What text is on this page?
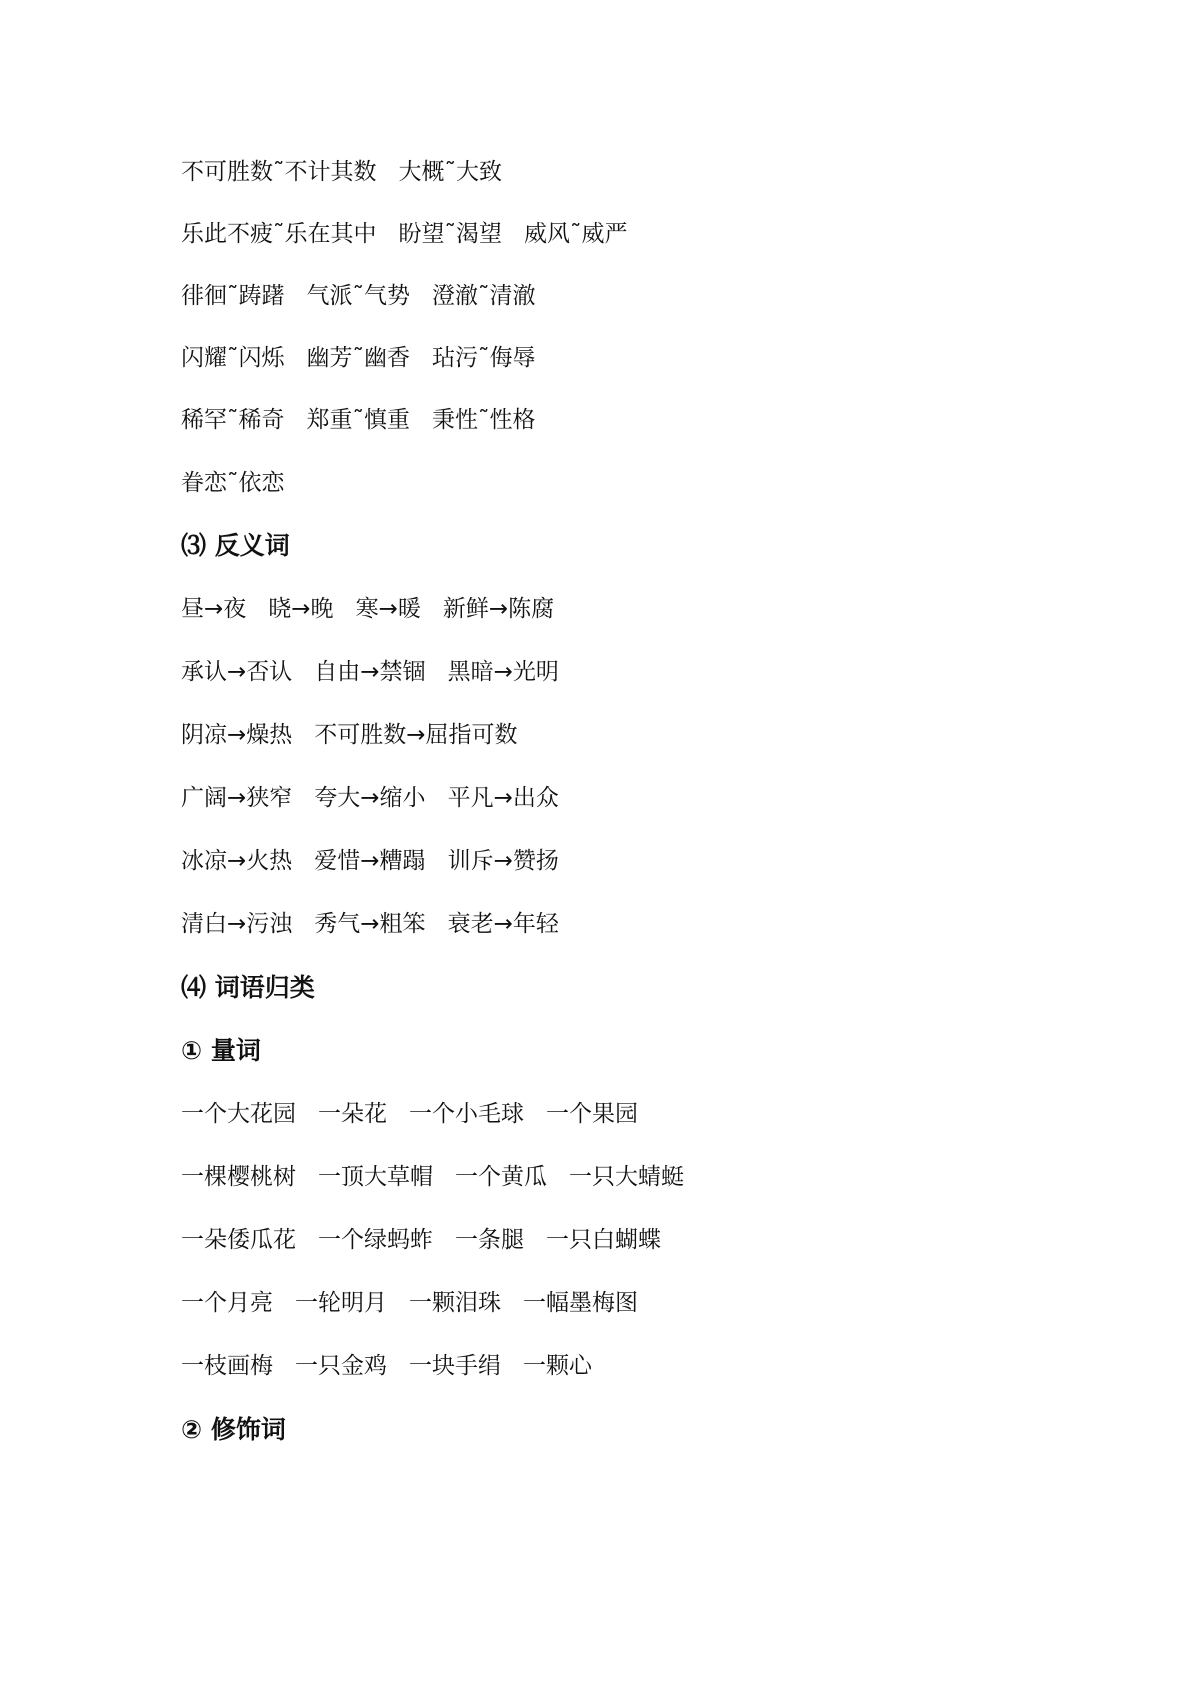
不可胜数˜不计其数 大概˜大致
乐此不疲˜乐在其中 盼望˜渴望 威风˜威严
徘徊˜踌躇 气派˜气势 澄澈˜清澈
闪耀˜闪烁 幽芳˜幽香 玷污˜侮辱
稀罕˜稀奇 郑重˜慎重 秉性˜性格
眷恋˜依恋
⑶ 反义词
昼→夜 晓→晚 寒→暖 新鲜→陈腐
承认→否认 自由→禁锢 黑暗→光明
阴凉→燥热 不可胜数→屈指可数
广阔→狭窄 夸大→缩小 平凡→出众
冰凉→火热 爱惜→糟蹋 训斥→赞扬
清白→污浊 秀气→粗笨 衰老→年轻
⑷ 词语归类
① 量词
一个大花园 一朵花 一个小毛球 一个果园
一棵樱桃树 一顶大草帽 一个黄瓜 一只大蜻蜓
一朵倭瓜花 一个绿蚂蚱 一条腿 一只白蝴蝶
一个月亮 一轮明月 一颗泪珠 一幅墨梅图
一枝画梅 一只金鸡 一块手绢 一颗心
② 修饰词
